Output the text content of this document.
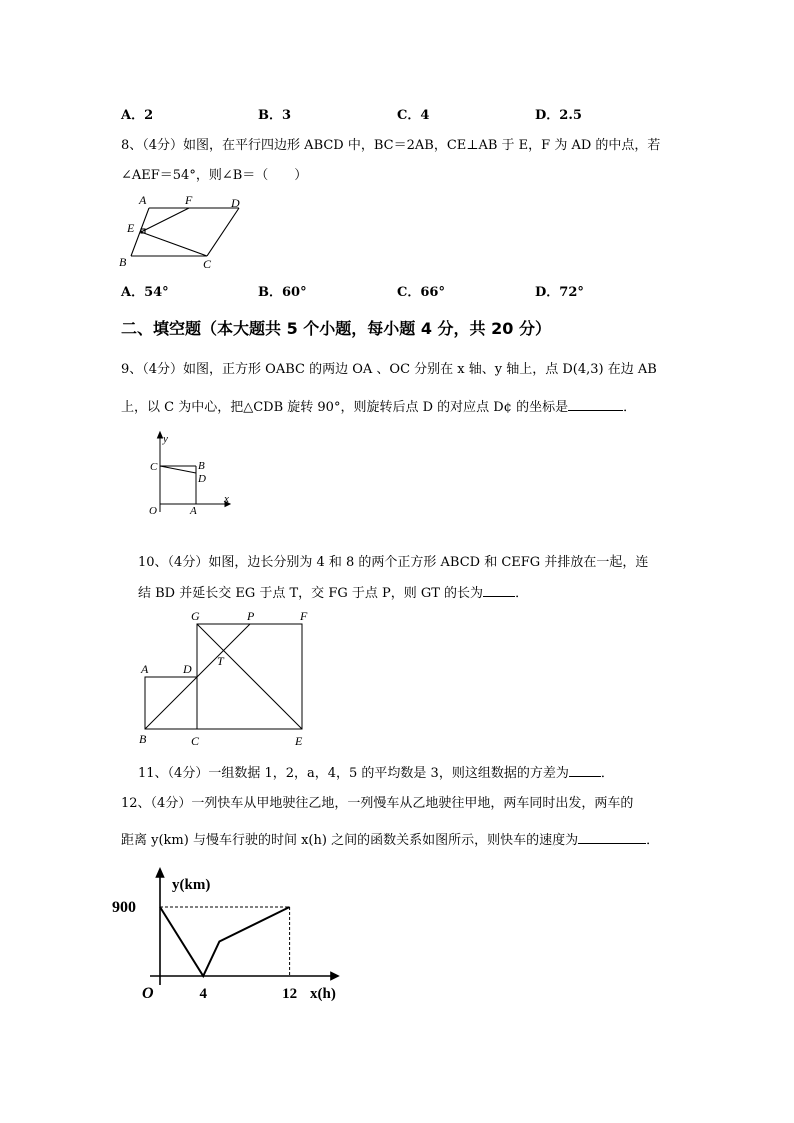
A．2	B．3	C．4	D．2.5
8、（4分）如图，在平行四边形 ABCD 中，BC＝2AB，CE⊥AB 于 E，F 为 AD 的中点，若
∠AEF＝54°，则∠B＝（　　）
A	F	D
E
B	C
A．54°	B．60°	C．66°	D．72°
二、填空题（本大题共 5 个小题，每小题 4 分，共 20 分）
9、（4分）如图，正方形 OABC 的两边 OA 、OC 分别在 x 轴、y 轴上，点 D(4,3) 在边 AB
上，以 C 为中心，把△CDB 旋转 90°，则旋转后点 D 的对应点 D¢ 的坐标是	．
y
C	B
D
x
O	A
10、（4分）如图，边长分别为 4 和 8 的两个正方形 ABCD 和 CEFG 并排放在一起，连
结 BD 并延长交 EG 于点 T，交 FG 于点 P，则 GT 的长为 ．
G	P	F
A	D
T
B	C	E
11、（4分）一组数据 1，2，a，4，5 的平均数是 3，则这组数据的方差为 ．
12、（4分）一列快车从甲地驶往乙地，一列慢车从乙地驶往甲地，两车同时出发，两车的
距离 y(km) 与慢车行驶的时间 x(h) 之间的函数关系如图所示，则快车的速度为	．
y(km)
900
O	4	12 x(h)
